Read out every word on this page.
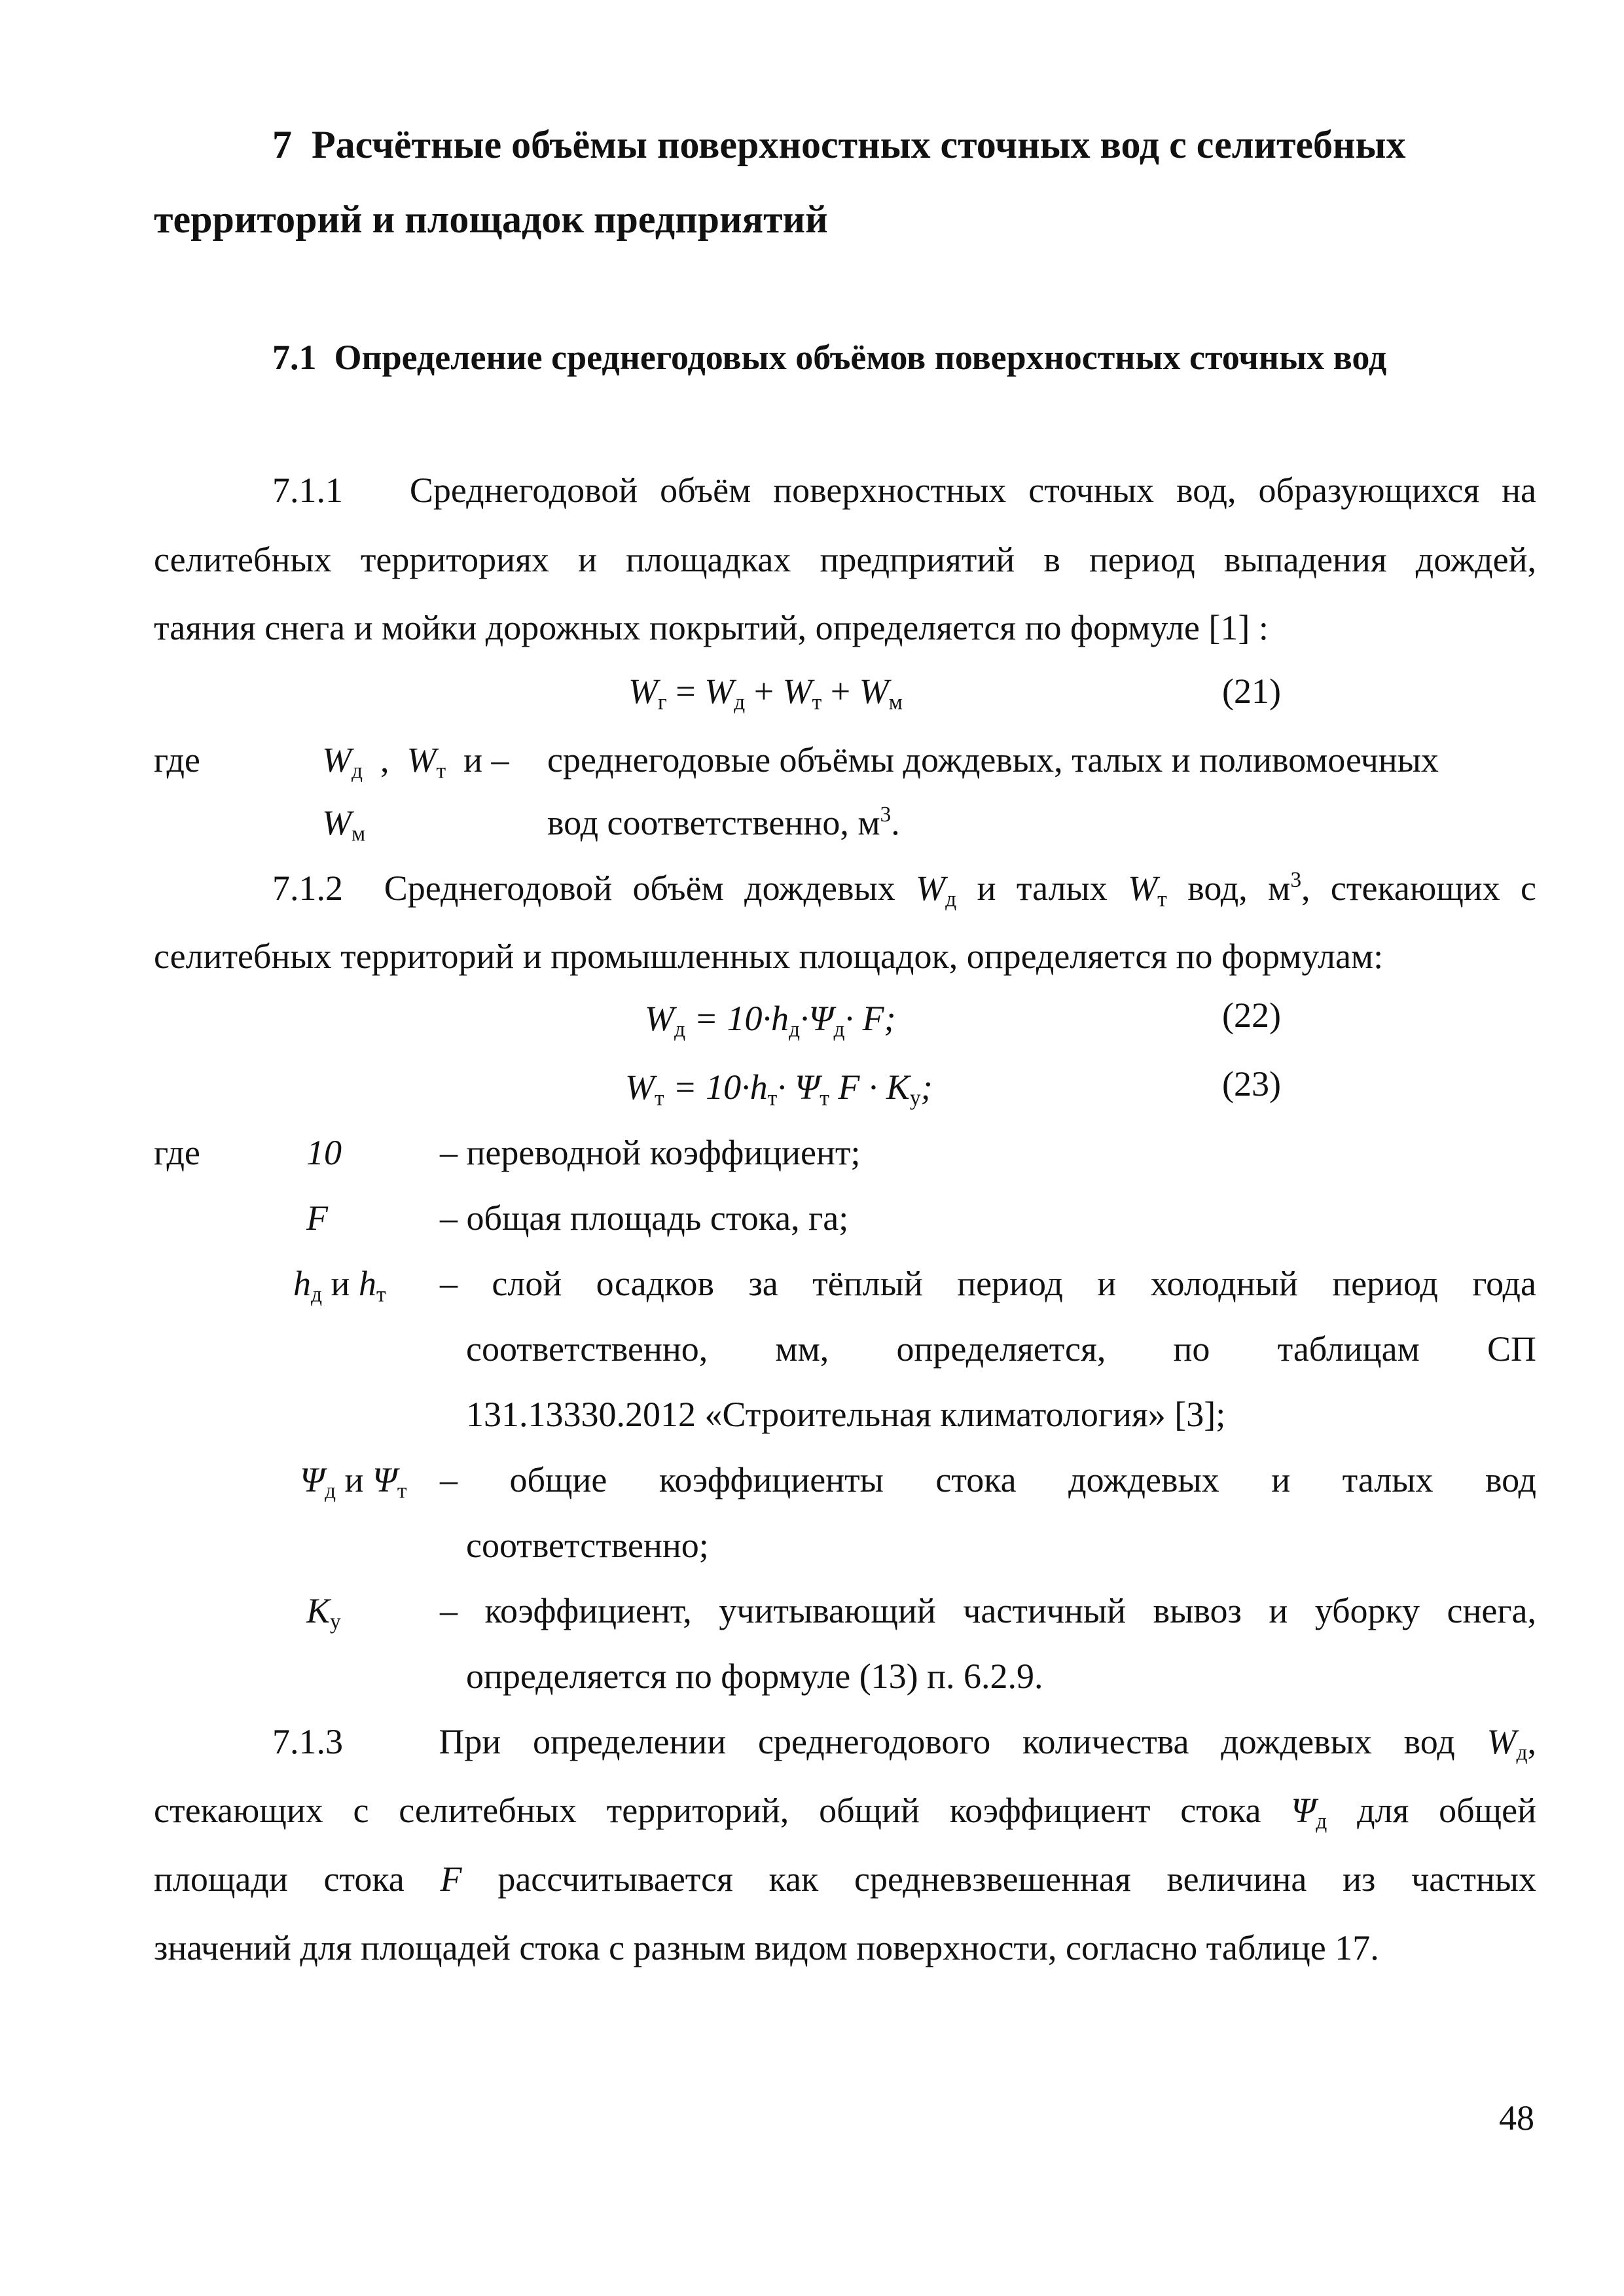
7 Расчётные объёмы поверхностных сточных вод с селитебных
территорий и площадок предприятий
7.1 Определение среднегодовых объёмов поверхностных сточных вод
7.1.1 Среднегодовой объём поверхностных сточных вод, образующихся на
селитебных территориях и площадках предприятий в период выпадения дождей,
таяния снега и мойки дорожных покрытий, определяется по формуле [1] :
$W_г = W_д + W_т + W_м$	(21)
где	$W_д$ , $W_т$ и – среднегодовые объёмы дождевых, талых и поливомоечных
$W_м$	вод соответственно, $м^3$.
7.1.2 Среднегодовой объём дождевых $W_д$ и талых $W_т$ вод, $м^3$, стекающих с
селитебных территорий и промышленных площадок, определяется по формулам:
$W_д = 10\cdot h_д\cdot\Psi_д\cdot F$;	(22)
$W_т = 10\cdot h_т\cdot \Psi_т$ $F \cdot K_у$;	(23)
где	10	– переводной коэффициент;
F	– общая площадь стока, га;
$h_д$ и $h_т$ – слой осадков за тёплый период и холодный период года
соответственно, мм, определяется, по таблицам СП
131.13330.2012 «Строительная климатология» [3];
$\Psi_д$ и $\Psi_т$ – общие коэффициенты стока дождевых и талых вод
соответственно;
$K_у$	– коэффициент, учитывающий частичный вывоз и уборку снега,
определяется по формуле (13) п. 6.2.9.
7.1.3	При определении среднегодового количества дождевых вод $W_д$,
стекающих с селитебных территорий, общий коэффициент стока $\Psi_д$ для общей
площади стока F рассчитывается как средневзвешенная величина из частных
значений для площадей стока с разным видом поверхности, согласно таблице 17.
48
